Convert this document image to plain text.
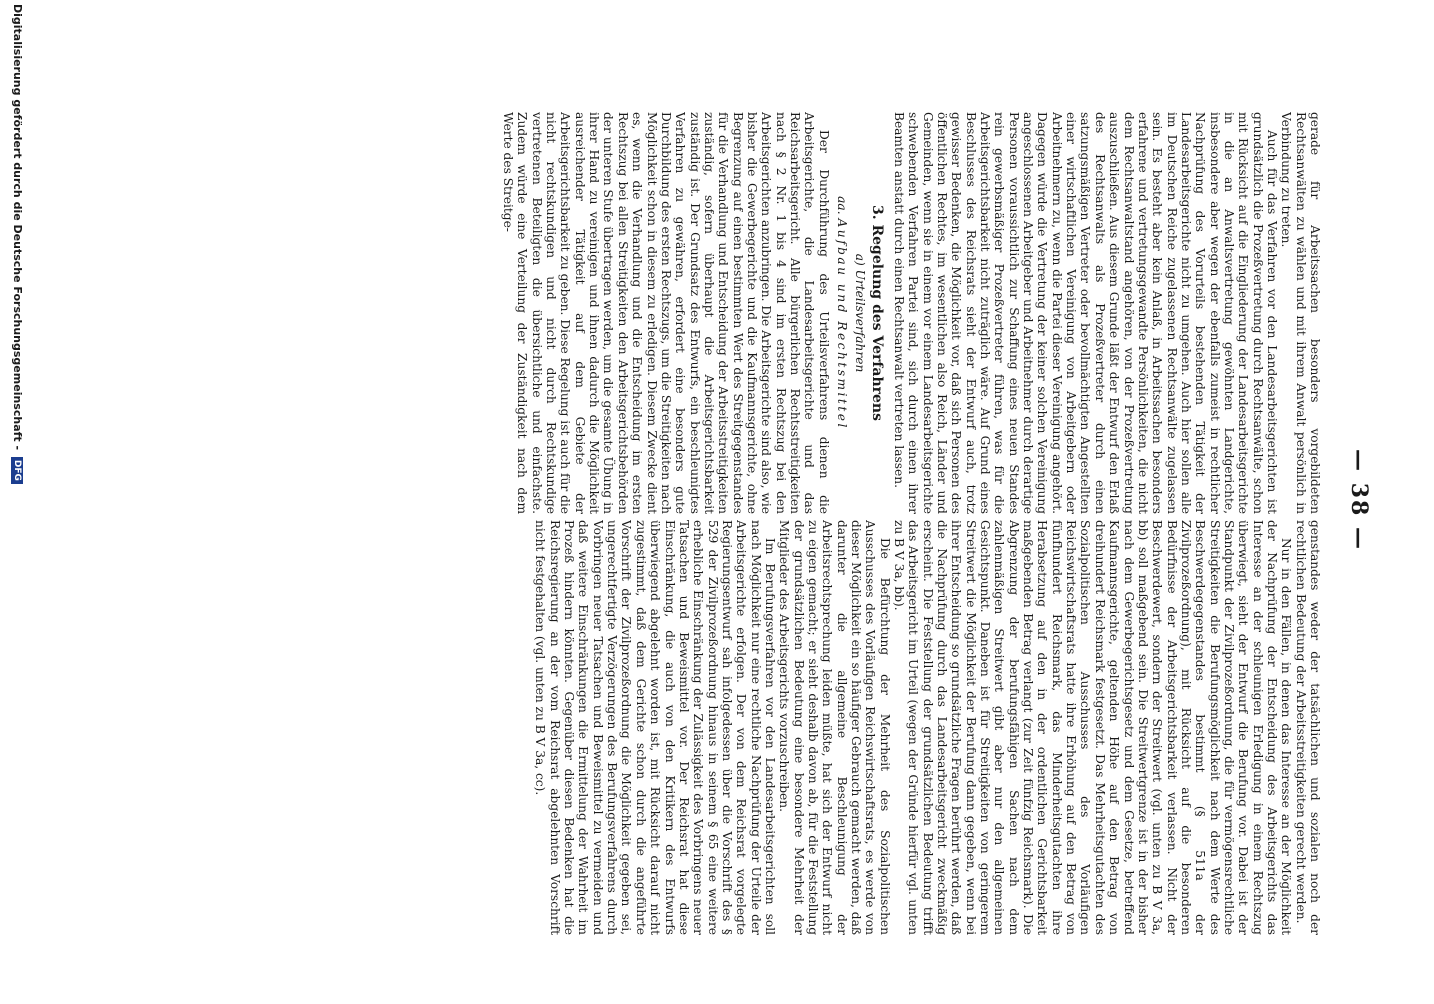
— 38 —

gerade für Arbeitssachen besonders vorgebildeten Rechtsanwälten zu wählen und mit ihrem Anwalt persönlich in Verbindung zu treten.

Auch für das Verfahren vor den Landesarbeitsgerichten ist grundsätzlich die Prozeßvertretung durch Rechtsanwälte, schon mit Rücksicht auf die Eingliederung der Landesarbeitsgerichte in die an Anwaltsvertretung gewöhnten Landgerichte, insbesondere aber wegen der ebenfalls zumeist in rechtlicher Nachprüfung des Vorurteils bestehenden Tätigkeit der Landesarbeitsgerichte nicht zu umgehen. Auch hier sollen alle im Deutschen Reiche zugelassenen Rechtsanwälte zugelassen sein. Es besteht aber kein Anlaß, in Arbeitssachen besonders erfahrene und vertretungsgewandte Persönlichkeiten, die nicht dem Rechtsanwaltstand angehören, von der Prozeßvertretung auszuschließen. Aus diesem Grunde läßt der Entwurf den Erlaß des Rechtsanwalts als Prozeßvertreter durch einen satzungsmäßigen Vertreter oder bevollmächtigten Angestellten einer wirtschaftlichen Vereinigung von Arbeitgebern oder Arbeitnehmern zu, wenn die Partei dieser Vereinigung angehört. Dagegen würde die Vertretung der keiner solchen Vereinigung angeschlossenen Arbeitgeber und Arbeitnehmer durch derartige Personen voraussichtlich zur Schaffung eines neuen Standes rein gewerbsmäßiger Prozeßvertreter führen, was für die Arbeitsgerichtsbarkeit nicht zuträglich wäre. Auf Grund eines Beschlusses des Reichsrats sieht der Entwurf auch, trotz gewisser Bedenken, die Möglichkeit vor, daß sich Personen des öffentlichen Rechtes, im wesentlichen also Reich, Länder und Gemeinden, wenn sie in einem vor einem Landesarbeitsgerichte schwebenden Verfahren Partei sind, sich durch einen ihrer Beamten anstatt durch einen Rechtsanwalt vertreten lassen.

3. Regelung des Verfahrens
a) Urteilsverfahren
aa. Aufbau und Rechtsmittel

Der Durchführung des Urteilsverfahrens dienen die Arbeitsgerichte, die Landesarbeitsgerichte und das Reichsarbeitsgericht. Alle bürgerlichen Rechtsstreitigkeiten nach § 2 Nr. 1 bis 4 sind im ersten Rechtszug bei den Arbeitsgerichten anzubringen. Die Arbeitsgerichte sind also, wie bisher die Gewerbegerichte und die Kaufmannsgerichte, ohne Begrenzung auf einen bestimmten Wert des Streitgegenstandes für die Verhandlung und Entscheidung der Arbeitsstreitigkeiten zuständig, sofern überhaupt die Arbeitsgerichtsbarkeit zuständig ist. Der Grundsatz des Entwurfs, ein beschleunigtes Verfahren zu gewähren, erfordert eine besonders gute Durchbildung des ersten Rechtszugs, um die Streitigkeiten nach Möglichkeit schon in diesem zu erledigen. Diesem Zwecke dient es, wenn die Verhandlung und die Entscheidung im ersten Rechtszug bei allen Streitigkeiten den Arbeitsgerichtsbehörden der unteren Stufe übertragen werden, um die gesamte Übung in ihrer Hand zu vereinigen und ihnen dadurch die Möglichkeit ausreichender Tätigkeit auf dem Gebiete der Arbeitsgerichtsbarkeit zu geben. Diese Regelung ist auch für die nicht rechtskundigen und nicht durch Rechtskundige vertretenen Beteiligten die übersichtliche und einfachste. Zudem würde eine Verteilung der Zuständigkeit nach dem Werte des Streitge-

genstandes weder der tatsächlichen und sozialen noch der rechtlichen Bedeutung der Arbeitsstreitigkeiten gerecht werden.

Nur in den Fällen, in denen das Interesse an der Möglichkeit der Nachprüfung der Entscheidung des Arbeitsgerichts das Interesse an der schleunigen Erledigung in einem Rechtszug überwiegt, sieht der Entwurf die Berufung vor. Dabei ist der Standpunkt der Zivilprozeßordnung, die für vermögensrechtliche Streitigkeiten die Berufungsmöglichkeit nach dem Werte des Beschwerdegegenstandes bestimmt (§ 511a der Zivilprozeßordnung), mit Rücksicht auf die besonderen Bedürfnisse der Arbeitsgerichtsbarkeit verlassen. Nicht der Beschwerdewert, sondern der Streitwert (vgl. unten zu B V 3a, bb) soll maßgebend sein. Die Streitwertgrenze ist in der bisher nach dem Gewerbegerichtsgesetz und dem Gesetze, betreffend Kaufmannsgerichte, geltenden Höhe auf den Betrag von dreihundert Reichsmark festgesetzt. Das Mehrheitsgutachten des Sozialpolitischen Ausschusses des Vorläufigen Reichswirtschaftsrats hatte ihre Erhöhung auf den Betrag von fünfhundert Reichsmark, das Minderheitsgutachten ihre Herabsetzung auf den in der ordentlichen Gerichtsbarkeit maßgebenden Betrag verlangt (zur Zeit fünfzig Reichsmark). Die Abgrenzung der berufungsfähigen Sachen nach dem zahlenmäßigen Streitwert gibt aber nur den allgemeinen Gesichtspunkt. Daneben ist für Streitigkeiten von geringerem Streitwert die Möglichkeit der Berufung dann gegeben, wenn bei ihrer Entscheidung so grundsätzliche Fragen berührt werden, daß die Nachprüfung durch das Landesarbeitsgericht zweckmäßig erscheint. Die Feststellung der grundsätzlichen Bedeutung trifft das Arbeitsgericht im Urteil (wegen der Gründe hierfür vgl. unten zu B V 3a, bb).

Die Befürchtung der Mehrheit des Sozialpolitischen Ausschusses des Vorläufigen Reichswirtschaftsrats, es werde von dieser Möglichkeit ein so häufiger Gebrauch gemacht werden, daß darunter die allgemeine Beschleunigung der Arbeitsrechtsprechung leiden müßte, hat sich der Entwurf nicht zu eigen gemacht; er sieht deshalb davon ab, für die Feststellung der grundsätzlichen Bedeutung eine besondere Mehrheit der Mitglieder des Arbeitsgerichts vorzuschreiben.

Im Berufungsverfahren vor den Landesarbeitsgerichten soll nach Möglichkeit nur eine rechtliche Nachprüfung der Urteile der Arbeitsgerichte erfolgen. Der von dem Reichsrat vorgelegte Regierungsentwurf sah infolgedessen über die Vorschrift des § 529 der Zivilprozeßordnung hinaus in seinem § 65 eine weitere erhebliche Einschränkung der Zulässigkeit des Vorbringens neuer Tatsachen und Beweismittel vor. Der Reichsrat hat diese Einschränkung, die auch von den Kritikern des Entwurfs überwiegend abgelehnt worden ist, mit Rücksicht darauf nicht zugestimmt, daß dem Gerichte schon durch die angeführte Vorschrift der Zivilprozeßordnung die Möglichkeit gegeben sei, ungerechtfertigte Verzögerungen des Berufungsverfahrens durch Vorbringen neuer Tatsachen und Beweismittel zu vermeiden und daß weitere Einschränkungen die Ermittelung der Wahrheit im Prozeß hindern könnten. Gegenüber diesen Bedenken hat die Reichsregierung an der vom Reichsrat abgelehnten Vorschrift nicht festgehalten (vgl. unten zu B V 3a, cc).

Digitalisierung gefördert durch die Deutsche Forschungsgemeinschaft - DFG
